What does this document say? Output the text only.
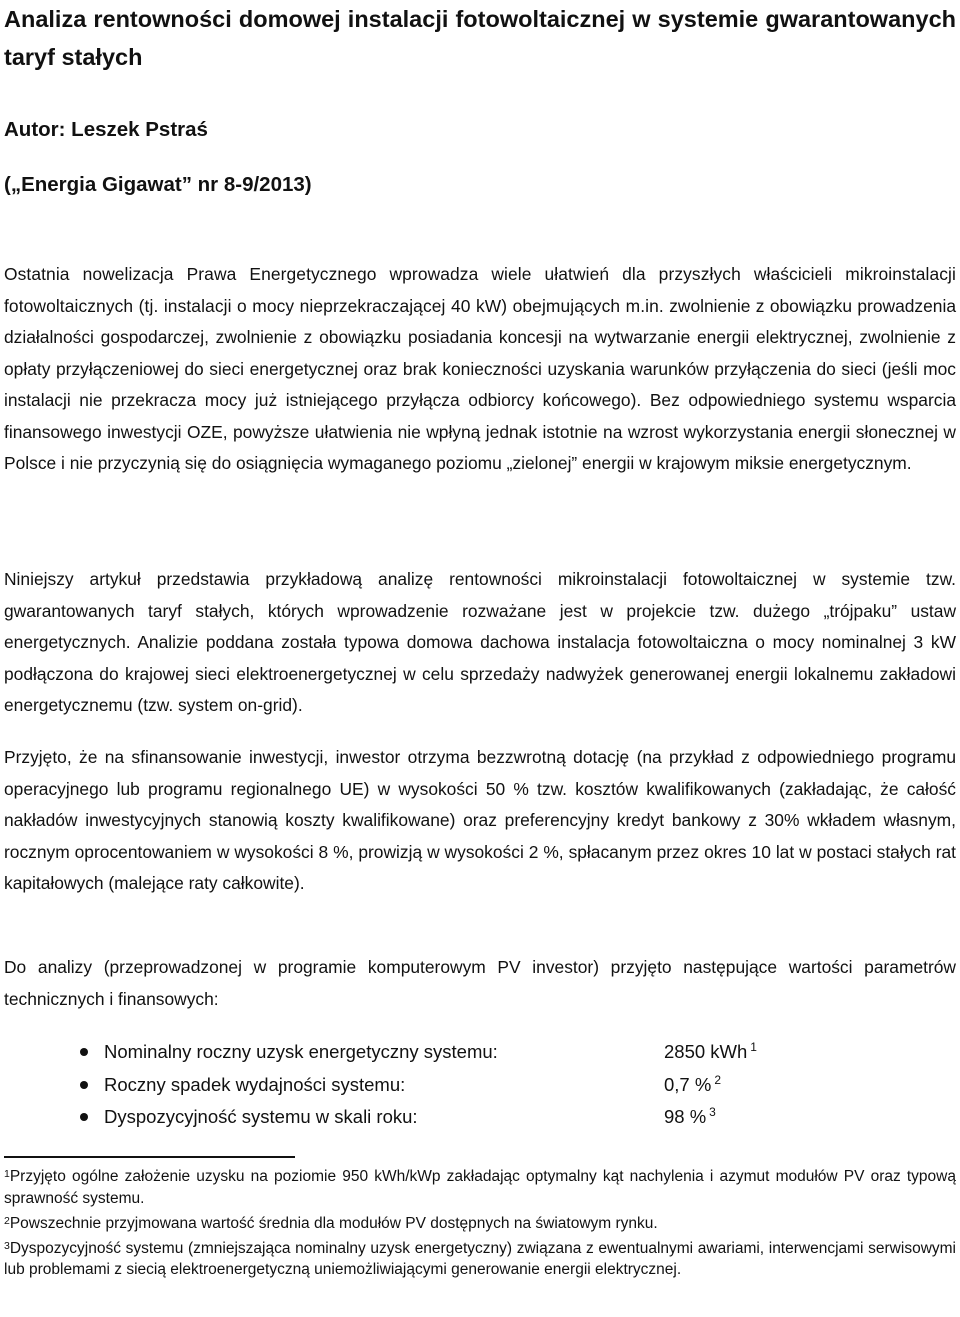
Analiza rentowności domowej instalacji fotowoltaicznej w systemie gwarantowanych taryf stałych

Autor: Leszek Pstraś

(„Energia Gigawat” nr 8-9/2013)

Ostatnia nowelizacja Prawa Energetycznego wprowadza wiele ułatwień dla przyszłych właścicieli mikroinstalacji fotowoltaicznych (tj. instalacji o mocy nieprzekraczającej 40 kW) obejmujących m.in. zwolnienie z obowiązku prowadzenia działalności gospodarczej, zwolnienie z obowiązku posiadania koncesji na wytwarzanie energii elektrycznej, zwolnienie z opłaty przyłączeniowej do sieci energetycznej oraz brak konieczności uzyskania warunków przyłączenia do sieci (jeśli moc instalacji nie przekracza mocy już istniejącego przyłącza odbiorcy końcowego). Bez odpowiedniego systemu wsparcia finansowego inwestycji OZE, powyższe ułatwienia nie wpłyną jednak istotnie na wzrost wykorzystania energii słonecznej w Polsce i nie przyczynią się do osiągnięcia wymaganego poziomu „zielonej” energii w krajowym miksie energetycznym.

Niniejszy artykuł przedstawia przykładową analizę rentowności mikroinstalacji fotowoltaicznej w systemie tzw. gwarantowanych taryf stałych, których wprowadzenie rozważane jest w projekcie tzw. dużego „trójpaku” ustaw energetycznych. Analizie poddana została typowa domowa dachowa instalacja fotowoltaiczna o mocy nominalnej 3 kW podłączona do krajowej sieci elektroenergetycznej w celu sprzedaży nadwyżek generowanej energii lokalnemu zakładowi energetycznemu (tzw. system on-grid).

Przyjęto, że na sfinansowanie inwestycji, inwestor otrzyma bezzwrotną dotację (na przykład z odpowiedniego programu operacyjnego lub programu regionalnego UE) w wysokości 50 % tzw. kosztów kwalifikowanych (zakładając, że całość nakładów inwestycyjnych stanowią koszty kwalifikowane) oraz preferencyjny kredyt bankowy z 30% wkładem własnym, rocznym oprocentowaniem w wysokości 8 %, prowizją w wysokości 2 %, spłacanym przez okres 10 lat w postaci stałych rat kapitałowych (malejące raty całkowite).

Do analizy (przeprowadzonej w programie komputerowym PV investor) przyjęto następujące wartości parametrów technicznych i finansowych:

Nominalny roczny uzysk energetyczny systemu:	2850 kWh $^1$
Roczny spadek wydajności systemu:	0,7 % $^2$
Dyspozycyjność systemu w skali roku:	98 % $^3$

$^1$Przyjęto ogólne założenie uzysku na poziomie 950 kWh/kWp zakładając optymalny kąt nachylenia i azymut modułów PV oraz typową sprawność systemu.

$^2$Powszechnie przyjmowana wartość średnia dla modułów PV dostępnych na światowym rynku.

$^3$Dyspozycyjność systemu (zmniejszająca nominalny uzysk energetyczny) związana z ewentualnymi awariami, interwencjami serwisowymi lub problemami z siecią elektroenergetyczną uniemożliwiającymi generowanie energii elektrycznej.
